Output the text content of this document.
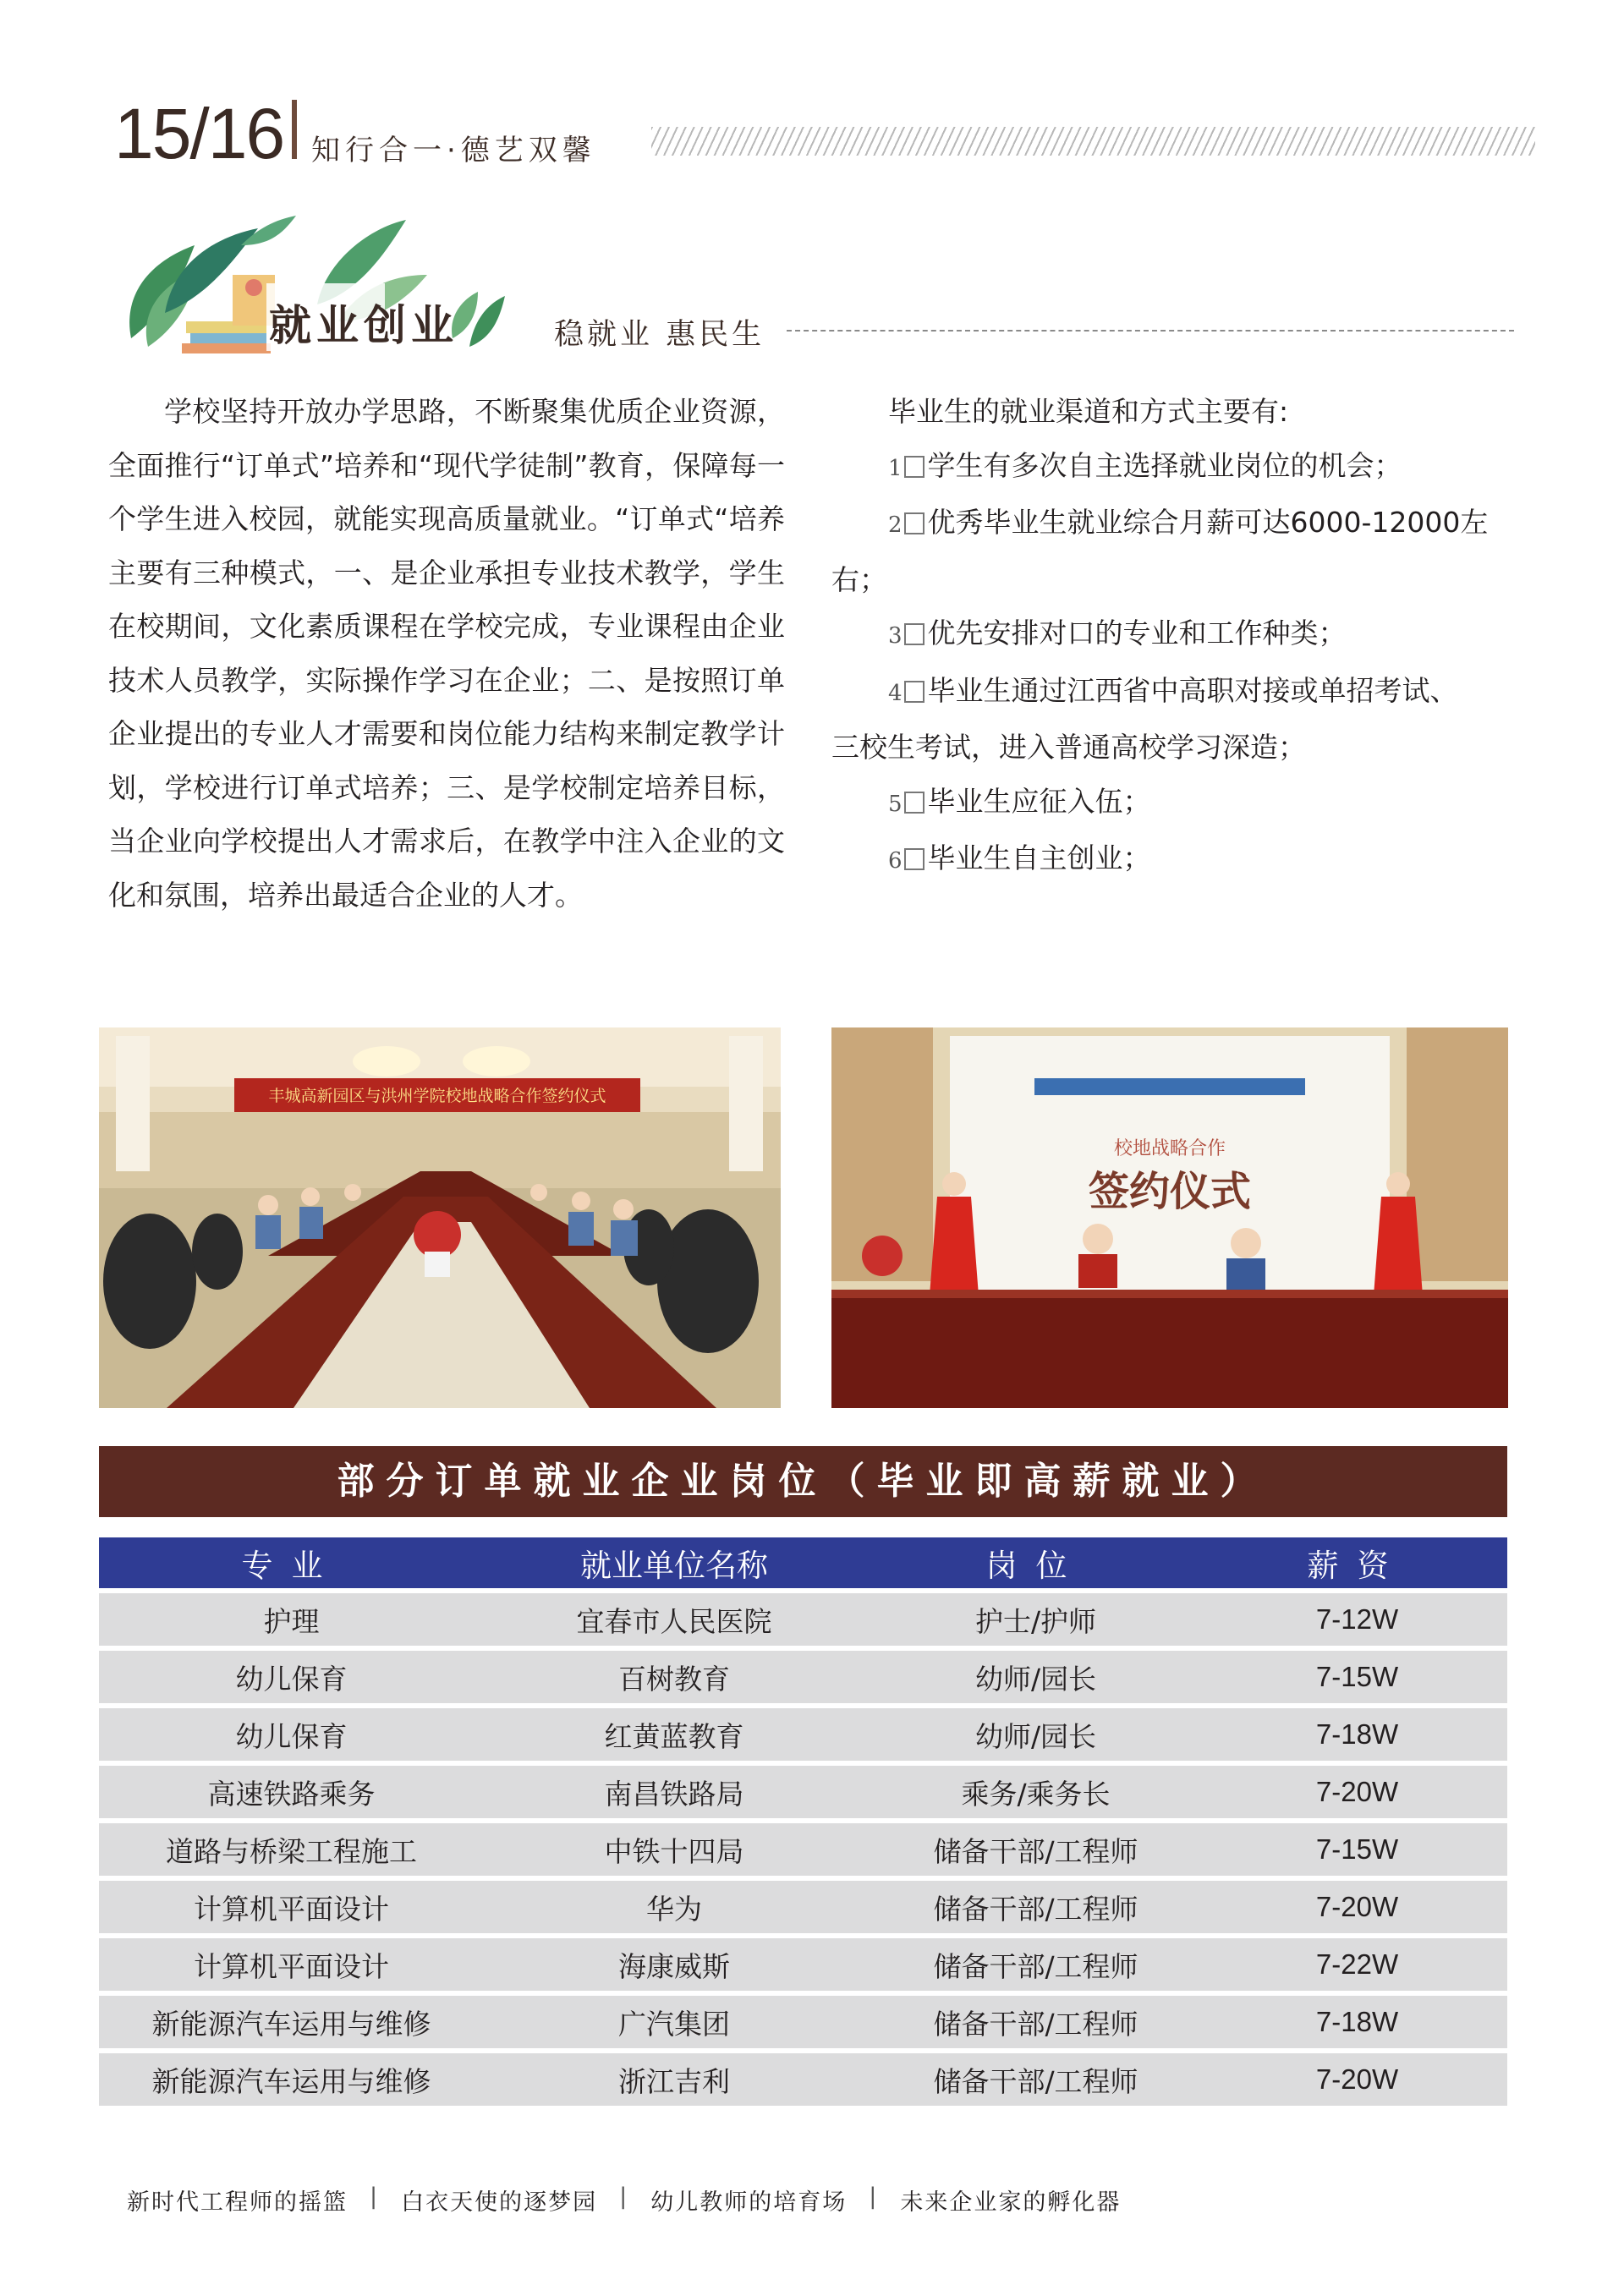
15/16 知行合一·德艺双馨
就业创业	稳就业 惠民生

学校坚持开放办学思路，不断聚集优质企业资源，全面推行“订单式”培养和“现代学徒制”教育，保障每一个学生进入校园，就能实现高质量就业。“订单式“培养主要有三种模式，一、是企业承担专业技术教学，学生在校期间，文化素质课程在学校完成，专业课程由企业技术人员教学，实际操作学习在企业；二、是按照订单企业提出的专业人才需要和岗位能力结构来制定教学计划，学校进行订单式培养；三、是学校制定培养目标，当企业向学校提出人才需求后，在教学中注入企业的文化和氛围，培养出最适合企业的人才。

毕业生的就业渠道和方式主要有:
1 学生有多次自主选择就业岗位的机会；
2 优秀毕业生就业综合月薪可达6000-12000左
右；
3 优先安排对口的专业和工作种类；
4 毕业生通过江西省中高职对接或单招考试、
三校生考试，进入普通高校学习深造；
5 毕业生应征入伍；
6 毕业生自主创业；
丰城高新园区与洪州学院校地战略合作签约仪式
校地战略合作
签约仪式
部分订单就业企业岗位（毕业即高薪就业）
专业	就业单位名称	岗位	薪资
护理	宜春市人民医院	护士/护师	7-12W
幼儿保育	百树教育	幼师/园长	7-15W
幼儿保育	红黄蓝教育	幼师/园长	7-18W
高速铁路乘务	南昌铁路局	乘务/乘务长	7-20W
道路与桥梁工程施工	中铁十四局	储备干部/工程师	7-15W
计算机平面设计	华为	储备干部/工程师	7-20W
计算机平面设计	海康威斯	储备干部/工程师	7-22W
新能源汽车运用与维修	广汽集团	储备干部/工程师	7-18W
新能源汽车运用与维修	浙江吉利	储备干部/工程师	7-20W
新时代工程师的摇篮 | 白衣天使的逐梦园 | 幼儿教师的培育场 | 未来企业家的孵化器
